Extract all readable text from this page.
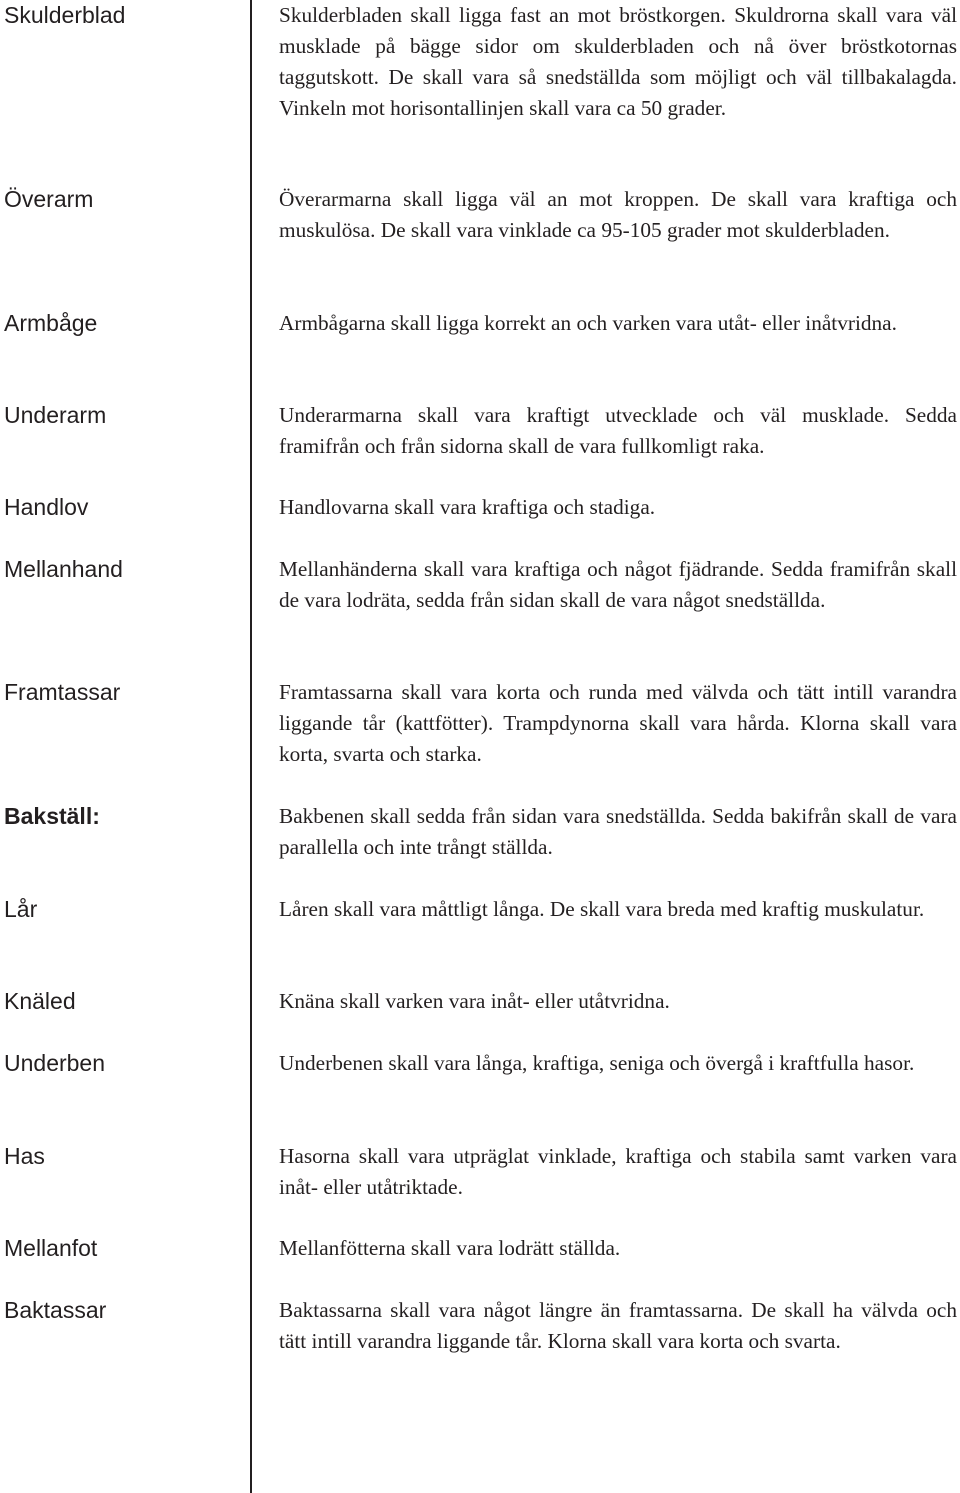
Skulderblad	Skulderbladen skall ligga fast an mot bröstkorgen. Skuldrorna skall vara väl musklade på bägge sidor om skulderbladen och nå över bröstkotornas taggutskott. De skall vara så snedställda som möjligt och väl tillbakalagda. Vinkeln mot horisontallinjen skall vara ca 50 grader.
Överarm	Överarmarna skall ligga väl an mot kroppen. De skall vara kraftiga och muskulösa. De skall vara vinklade ca 95-105 grader mot skulderbladen.
Armbåge	Armbågarna skall ligga korrekt an och varken vara utåt- eller inåtvridna.
Underarm	Underarmarna skall vara kraftigt utvecklade och väl musklade. Sedda framifrån och från sidorna skall de vara fullkomligt raka.
Handlov	Handlovarna skall vara kraftiga och stadiga.
Mellanhand	Mellanhänderna skall vara kraftiga och något fjädrande. Sedda framifrån skall de vara lodräta, sedda från sidan skall de vara något snedställda.
Framtassar	Framtassarna skall vara korta och runda med välvda och tätt intill varandra liggande tår (kattfötter). Trampdynorna skall vara hårda. Klorna skall vara korta, svarta och starka.
Bakställ:	Bakbenen skall sedda från sidan vara snedställda. Sedda bakifrån skall de vara parallella och inte trångt ställda.
Lår	Låren skall vara måttligt långa. De skall vara breda med kraftig muskulatur.
Knäled	Knäna skall varken vara inåt- eller utåtvridna.
Underben	Underbenen skall vara långa, kraftiga, seniga och övergå i kraftfulla hasor.
Has	Hasorna skall vara utpräglat vinklade, kraftiga och stabila samt varken vara inåt- eller utåtriktade.
Mellanfot	Mellanfötterna skall vara lodrätt ställda.
Baktassar	Baktassarna skall vara något längre än framtassarna. De skall ha välvda och tätt intill varandra liggande tår. Klorna skall vara korta och svarta.
